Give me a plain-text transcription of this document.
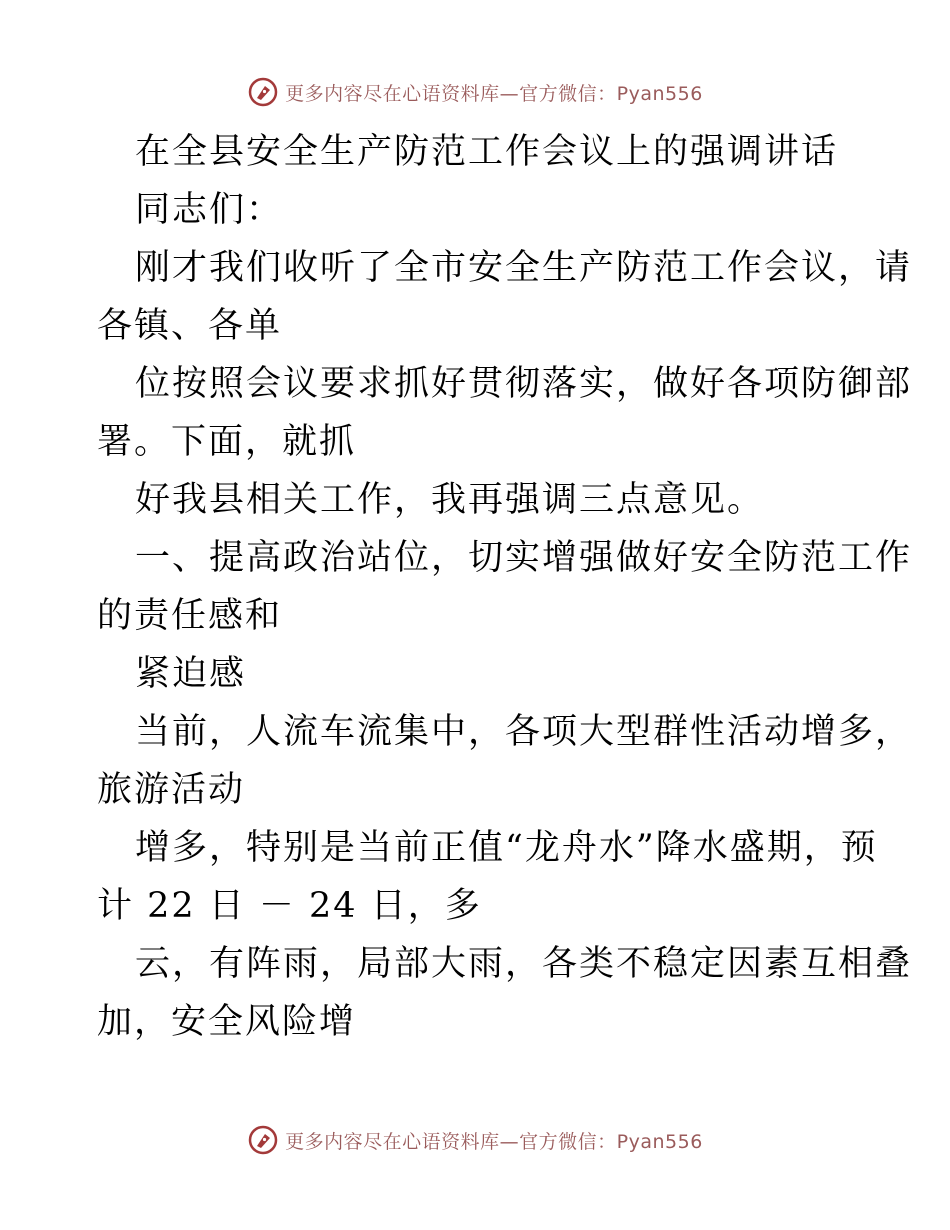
更多内容尽在心语资料库—官方微信：Pyan556
在全县安全生产防范工作会议上的强调讲话
同志们：
刚才我们收听了全市安全生产防范工作会议，请
各镇、各单
位按照会议要求抓好贯彻落实，做好各项防御部
署。下面，就抓
好我县相关工作，我再强调三点意见。
一、提高政治站位，切实增强做好安全防范工作
的责任感和
紧迫感
当前，人流车流集中，各项大型群性活动增多，
旅游活动
增多，特别是当前正值“龙舟水”降水盛期，预
计 22 日 － 24 日，多
云，有阵雨，局部大雨，各类不稳定因素互相叠
加，安全风险增
更多内容尽在心语资料库—官方微信：Pyan556
